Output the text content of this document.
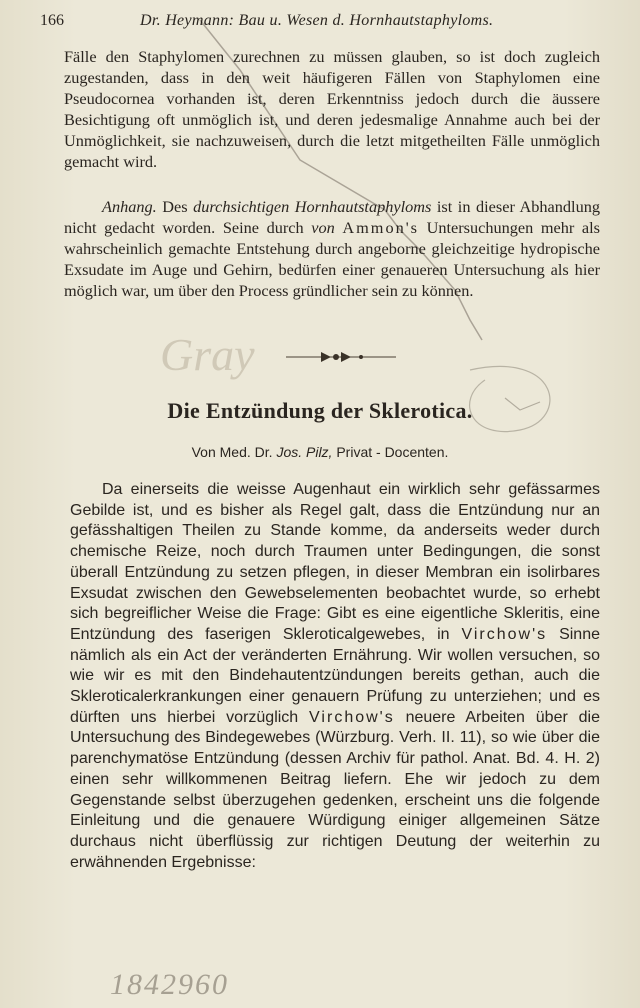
166	Dr. Heymann: Bau u. Wesen d. Hornhautstaphyloms.
Fälle den Staphylomen zurechnen zu müssen glauben, so ist doch zugleich zugestanden, dass in den weit häufigeren Fällen von Staphylomen eine Pseudocornea vorhanden ist, deren Erkenntniss jedoch durch die äussere Besichtigung oft unmöglich ist, und deren jedesmalige Annahme auch bei der Unmöglichkeit, sie nachzuweisen, durch die letzt mitgetheilten Fälle unmöglich gemacht wird.
Anhang. Des durchsichtigen Hornhautstaphyloms ist in dieser Abhandlung nicht gedacht worden. Seine durch von Ammon's Untersuchungen mehr als wahrscheinlich gemachte Entstehung durch angeborne gleichzeitige hydropische Exsudate im Auge und Gehirn, bedürfen einer genaueren Untersuchung als hier möglich war, um über den Process gründlicher sein zu können.
Gray
Die Entzündung der Sklerotica.
Von Med. Dr. Jos. Pilz, Privat - Docenten.
Da einerseits die weisse Augenhaut ein wirklich sehr gefässarmes Gebilde ist, und es bisher als Regel galt, dass die Entzündung nur an gefässhaltigen Theilen zu Stande komme, da anderseits weder durch chemische Reize, noch durch Traumen unter Bedingungen, die sonst überall Entzündung zu setzen pflegen, in dieser Membran ein isolirbares Exsudat zwischen den Gewebselementen beobachtet wurde, so erhebt sich begreiflicher Weise die Frage: Gibt es eine eigentliche Skleritis, eine Entzündung des faserigen Skleroticalgewebes, in Virchow's Sinne nämlich als ein Act der veränderten Ernährung. Wir wollen versuchen, so wie wir es mit den Bindehautentzündungen bereits gethan, auch die Skleroticalerkrankungen einer genauern Prüfung zu unterziehen; und es dürften uns hierbei vorzüglich Virchow's neuere Arbeiten über die Untersuchung des Bindegewebes (Würzburg. Verh. II. 11), so wie über die parenchymatöse Entzündung (dessen Archiv für pathol. Anat. Bd. 4. H. 2) einen sehr willkommenen Beitrag liefern. Ehe wir jedoch zu dem Gegenstande selbst überzugehen gedenken, erscheint uns die folgende Einleitung und die genauere Würdigung einiger allgemeinen Sätze durchaus nicht überflüssig zur richtigen Deutung der weiterhin zu erwähnenden Ergebnisse:
1842960
